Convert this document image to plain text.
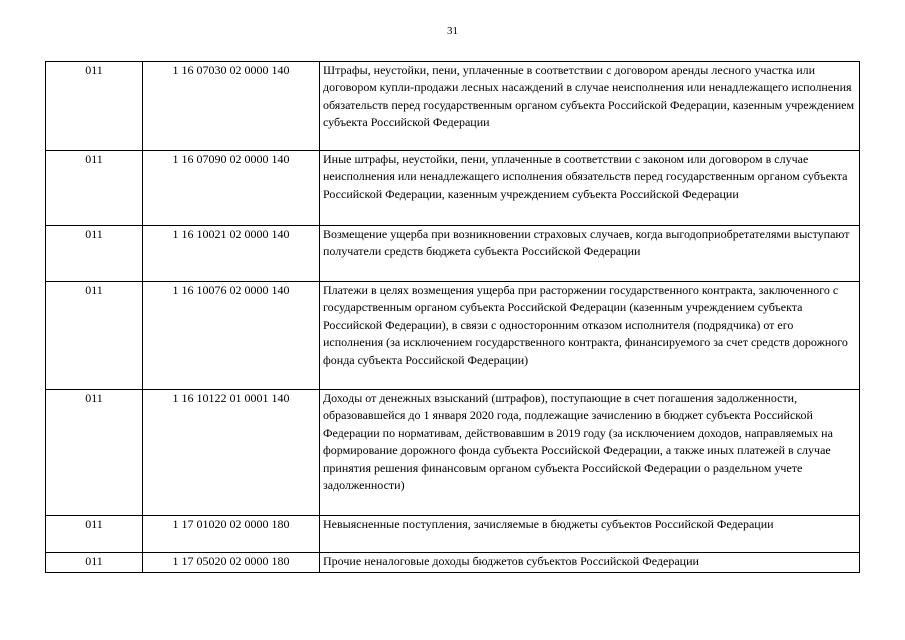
31
011	1 16 07030 02 0000 140	Штрафы, неустойки, пени, уплаченные в соответствии с договором аренды лесного участка или договором купли-продажи лесных насаждений в случае неисполнения или ненадлежащего исполнения обязательств перед государственным органом субъекта Российской Федерации, казенным учреждением субъекта Российской Федерации
011	1 16 07090 02 0000 140	Иные штрафы, неустойки, пени, уплаченные в соответствии с законом или договором в случае неисполнения или ненадлежащего исполнения обязательств перед государственным органом субъекта Российской Федерации, казенным учреждением субъекта Российской Федерации
011	1 16 10021 02 0000 140	Возмещение ущерба при возникновении страховых случаев, когда выгодоприобретателями выступают получатели средств бюджета субъекта Российской Федерации
011	1 16 10076 02 0000 140	Платежи в целях возмещения ущерба при расторжении государственного контракта, заключенного с государственным органом субъекта Российской Федерации (казенным учреждением субъекта Российской Федерации), в связи с односторонним отказом исполнителя (подрядчика) от его исполнения (за исключением государственного контракта, финансируемого за счет средств дорожного фонда субъекта Российской Федерации)
011	1 16 10122 01 0001 140	Доходы от денежных взысканий (штрафов), поступающие в счет погашения задолженности, образовавшейся до 1 января 2020 года, подлежащие зачислению в бюджет субъекта Российской Федерации по нормативам, действовавшим в 2019 году (за исключением доходов, направляемых на формирование дорожного фонда субъекта Российской Федерации, а также иных платежей в случае принятия решения финансовым органом субъекта Российской Федерации о раздельном учете задолженности)
011	1 17 01020 02 0000 180	Невыясненные поступления, зачисляемые в бюджеты субъектов Российской Федерации
011	1 17 05020 02 0000 180	Прочие неналоговые доходы бюджетов субъектов Российской Федерации
